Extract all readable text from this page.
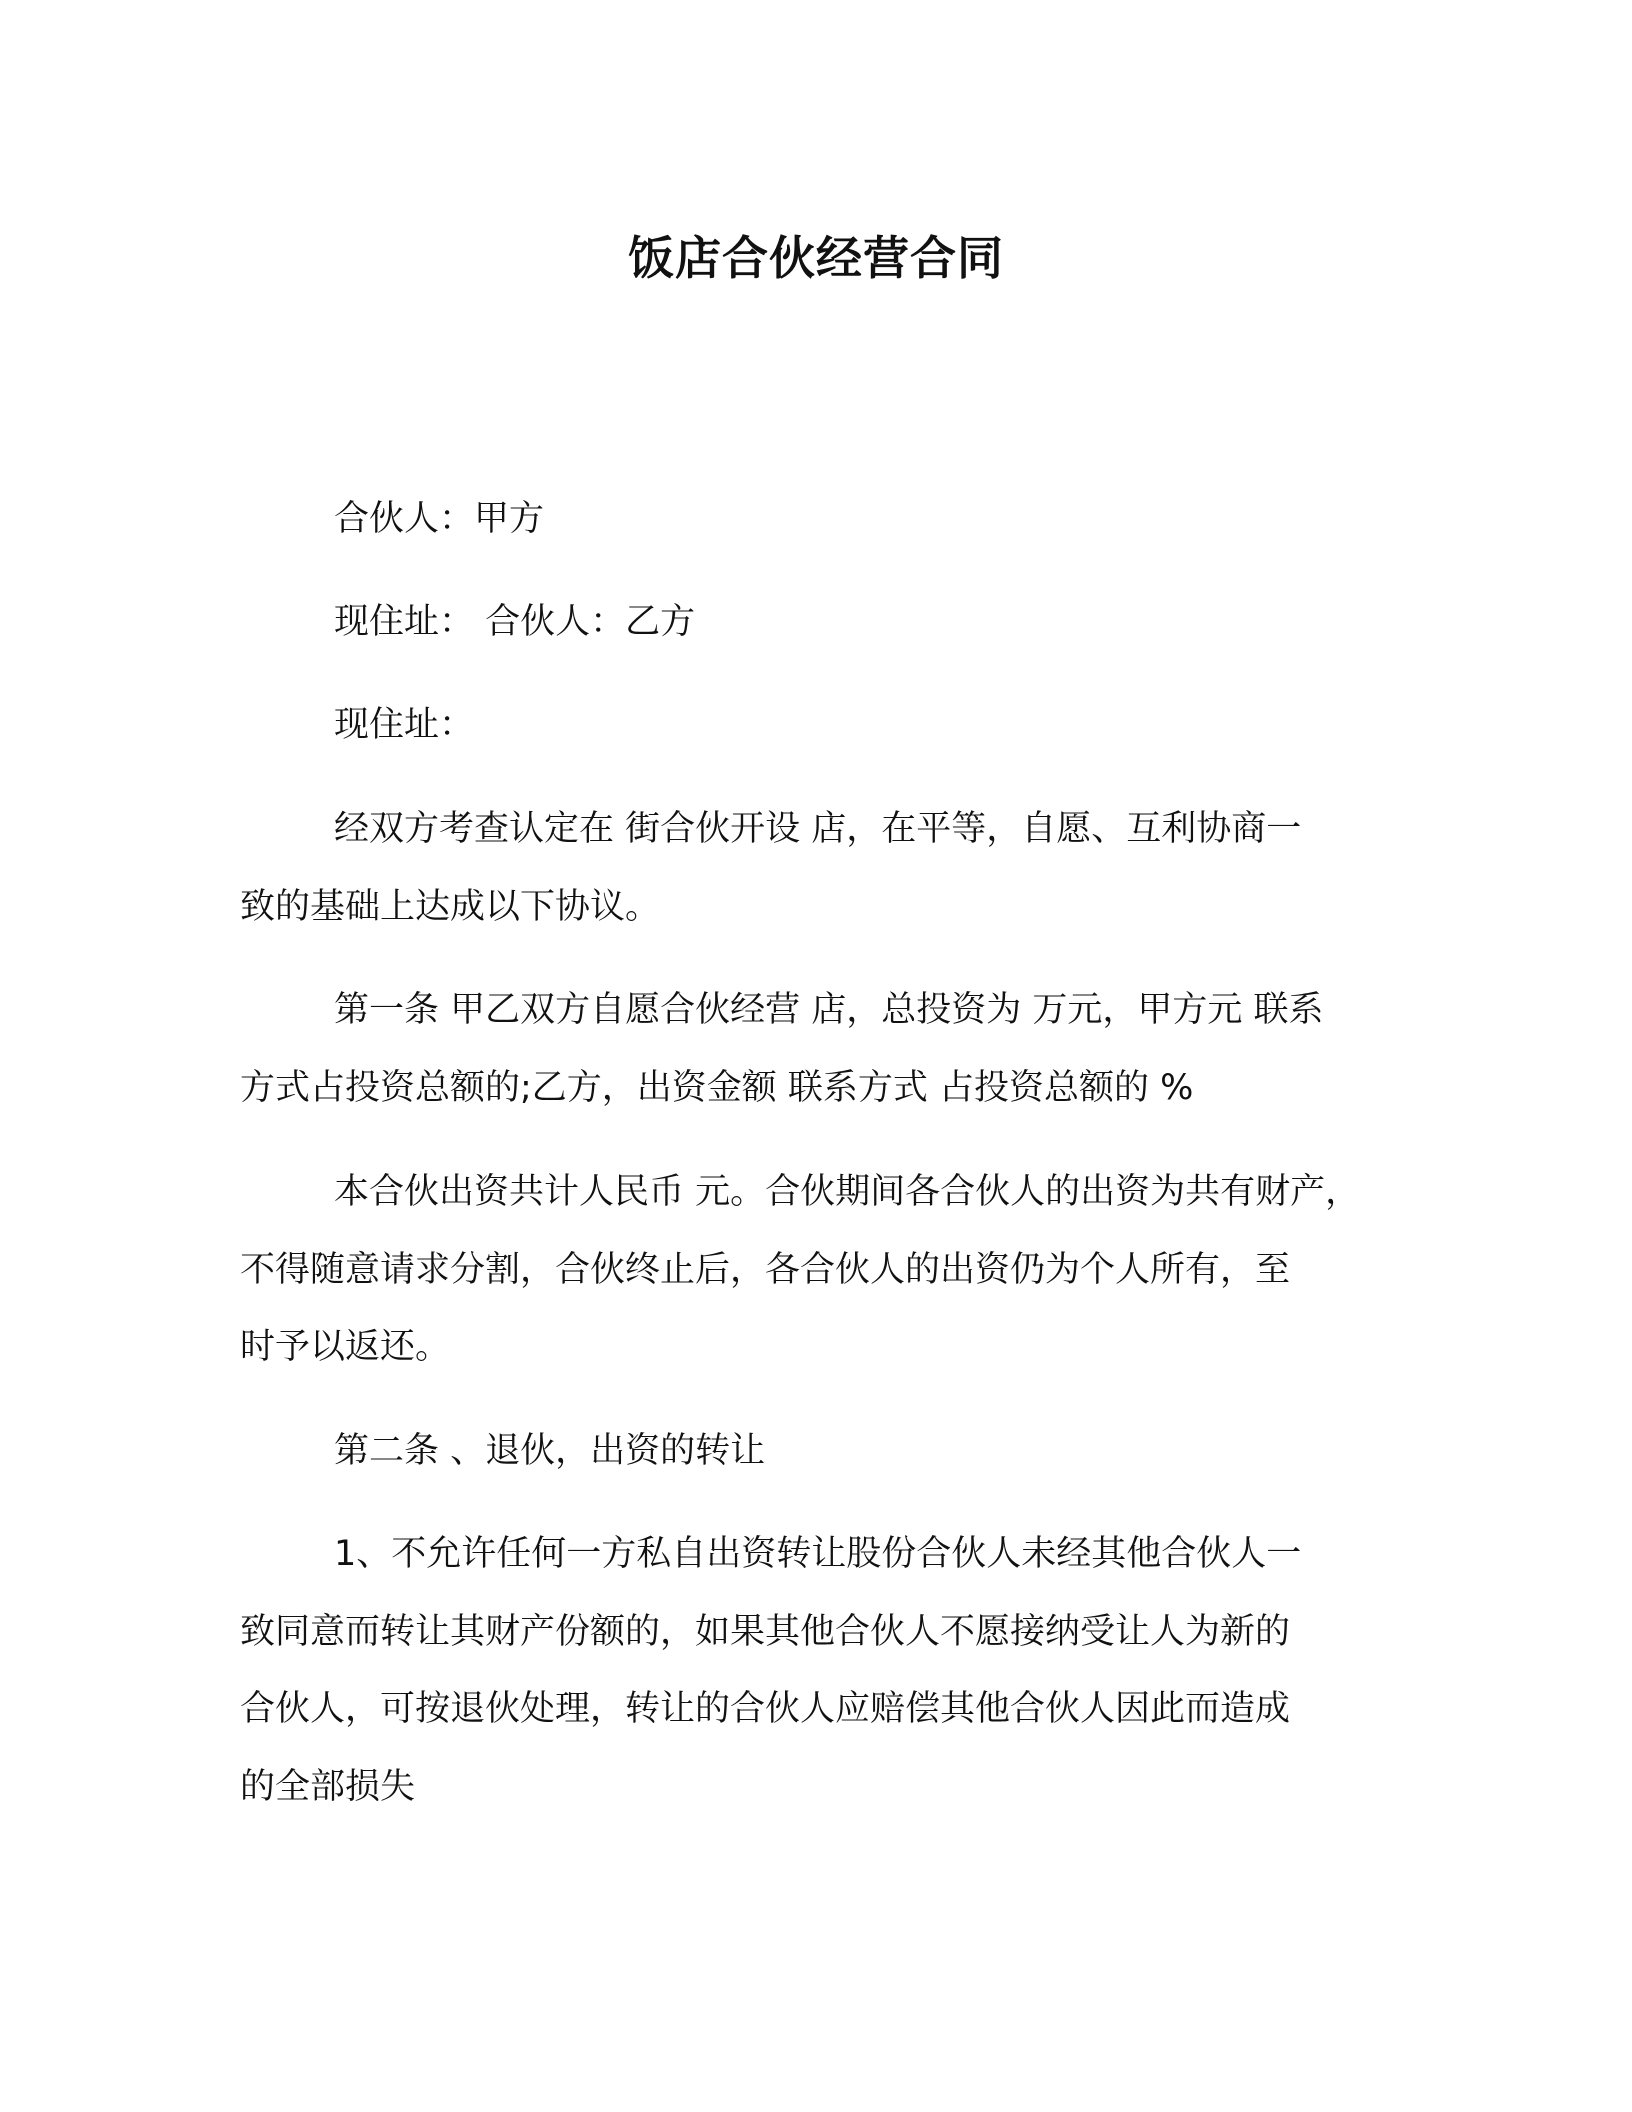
饭店合伙经营合同

合伙人：甲方

现住址： 合伙人：乙方

现住址：

经双方考查认定在 街合伙开设 店，在平等，自愿、互利协商一

致的基础上达成以下协议。

第一条 甲乙双方自愿合伙经营 店，总投资为 万元，甲方元 联系

方式占投资总额的;乙方，出资金额 联系方式 占投资总额的 %

本合伙出资共计人民币 元。合伙期间各合伙人的出资为共有财产，

不得随意请求分割，合伙终止后，各合伙人的出资仍为个人所有，至

时予以返还。

第二条 、退伙，出资的转让

1、不允许任何一方私自出资转让股份合伙人未经其他合伙人一

致同意而转让其财产份额的，如果其他合伙人不愿接纳受让人为新的

合伙人，可按退伙处理，转让的合伙人应赔偿其他合伙人因此而造成

的全部损失
